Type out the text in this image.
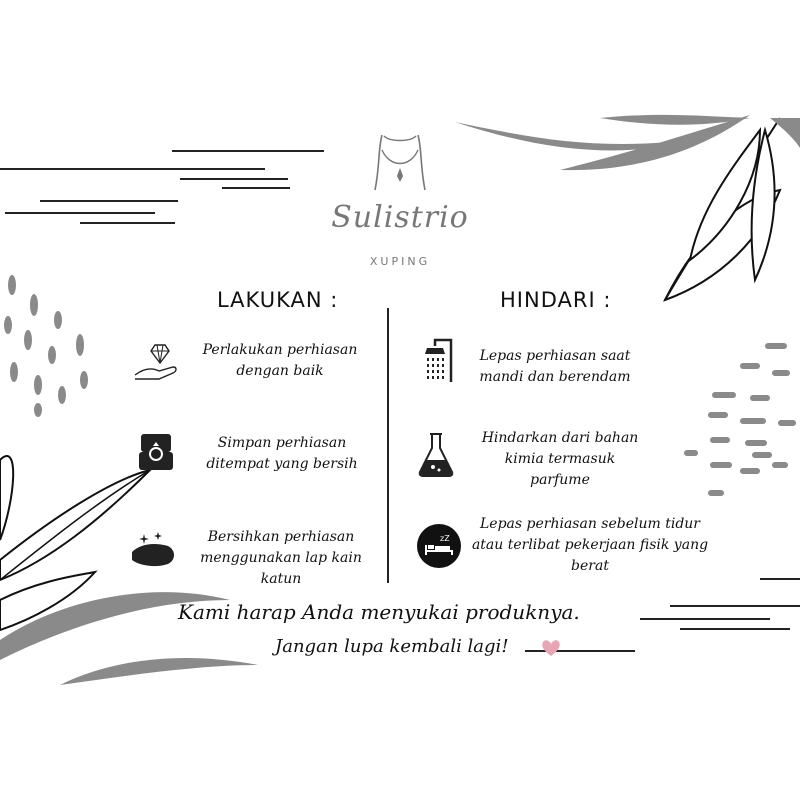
Sulistrio
XUPING
LAKUKAN :	HINDARI :
Perlakukan perhiasan dengan baik
Simpan perhiasan ditempat yang bersih
Bersihkan perhiasan menggunakan lap kain katun
Lepas perhiasan saat mandi dan berendam
Hindarkan dari bahan kimia termasuk parfume
zZ
Lepas perhiasan sebelum tidur atau terlibat pekerjaan fisik yang berat
Kami harap Anda menyukai produknya.
Jangan lupa kembali lagi!
